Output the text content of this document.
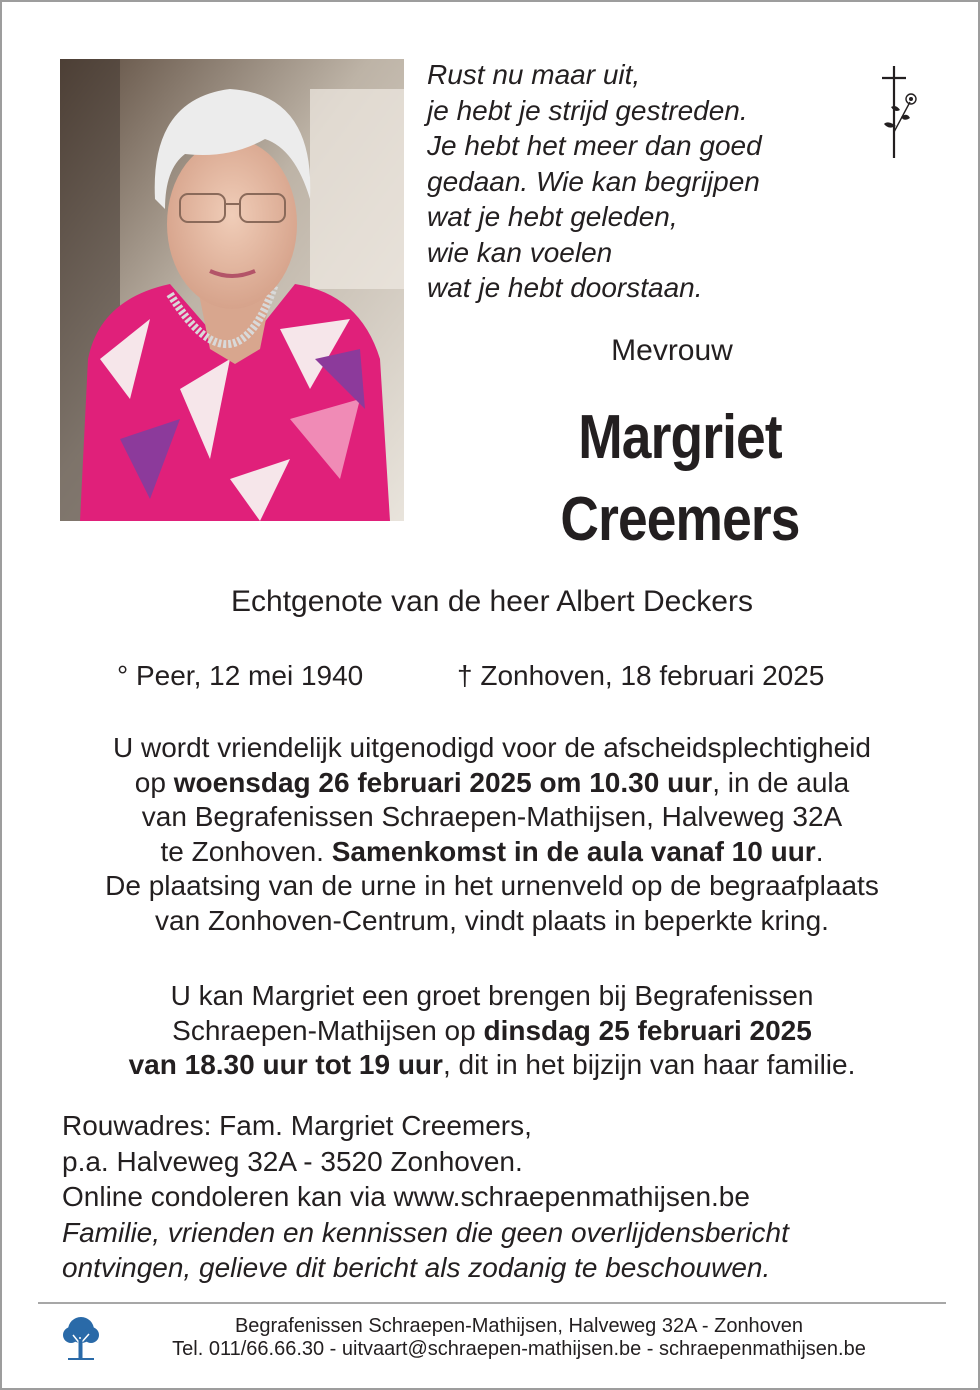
Rust nu maar uit,
je hebt je strijd gestreden.
Je hebt het meer dan goed
gedaan. Wie kan begrijpen
wat je hebt geleden,
wie kan voelen
wat je hebt doorstaan.
Mevrouw
Margriet
Creemers
Echtgenote van de heer Albert Deckers
° Peer, 12 mei 1940	† Zonhoven, 18 februari 2025
U wordt vriendelijk uitgenodigd voor de afscheidsplechtigheid
op woensdag 26 februari 2025 om 10.30 uur, in de aula
van Begrafenissen Schraepen-Mathijsen, Halveweg 32A
te Zonhoven. Samenkomst in de aula vanaf 10 uur.
De plaatsing van de urne in het urnenveld op de begraafplaats
van Zonhoven-Centrum, vindt plaats in beperkte kring.
U kan Margriet een groet brengen bij Begrafenissen
Schraepen-Mathijsen op dinsdag 25 februari 2025
van 18.30 uur tot 19 uur, dit in het bijzijn van haar familie.
Rouwadres: Fam. Margriet Creemers,
p.a. Halveweg 32A - 3520 Zonhoven.
Online condoleren kan via www.schraepenmathijsen.be
Familie, vrienden en kennissen die geen overlijdensbericht
ontvingen, gelieve dit bericht als zodanig te beschouwen.
Begrafenissen Schraepen-Mathijsen, Halveweg 32A - Zonhoven
Tel. 011/66.66.30 - uitvaart@schraepen-mathijsen.be - schraepenmathijsen.be
